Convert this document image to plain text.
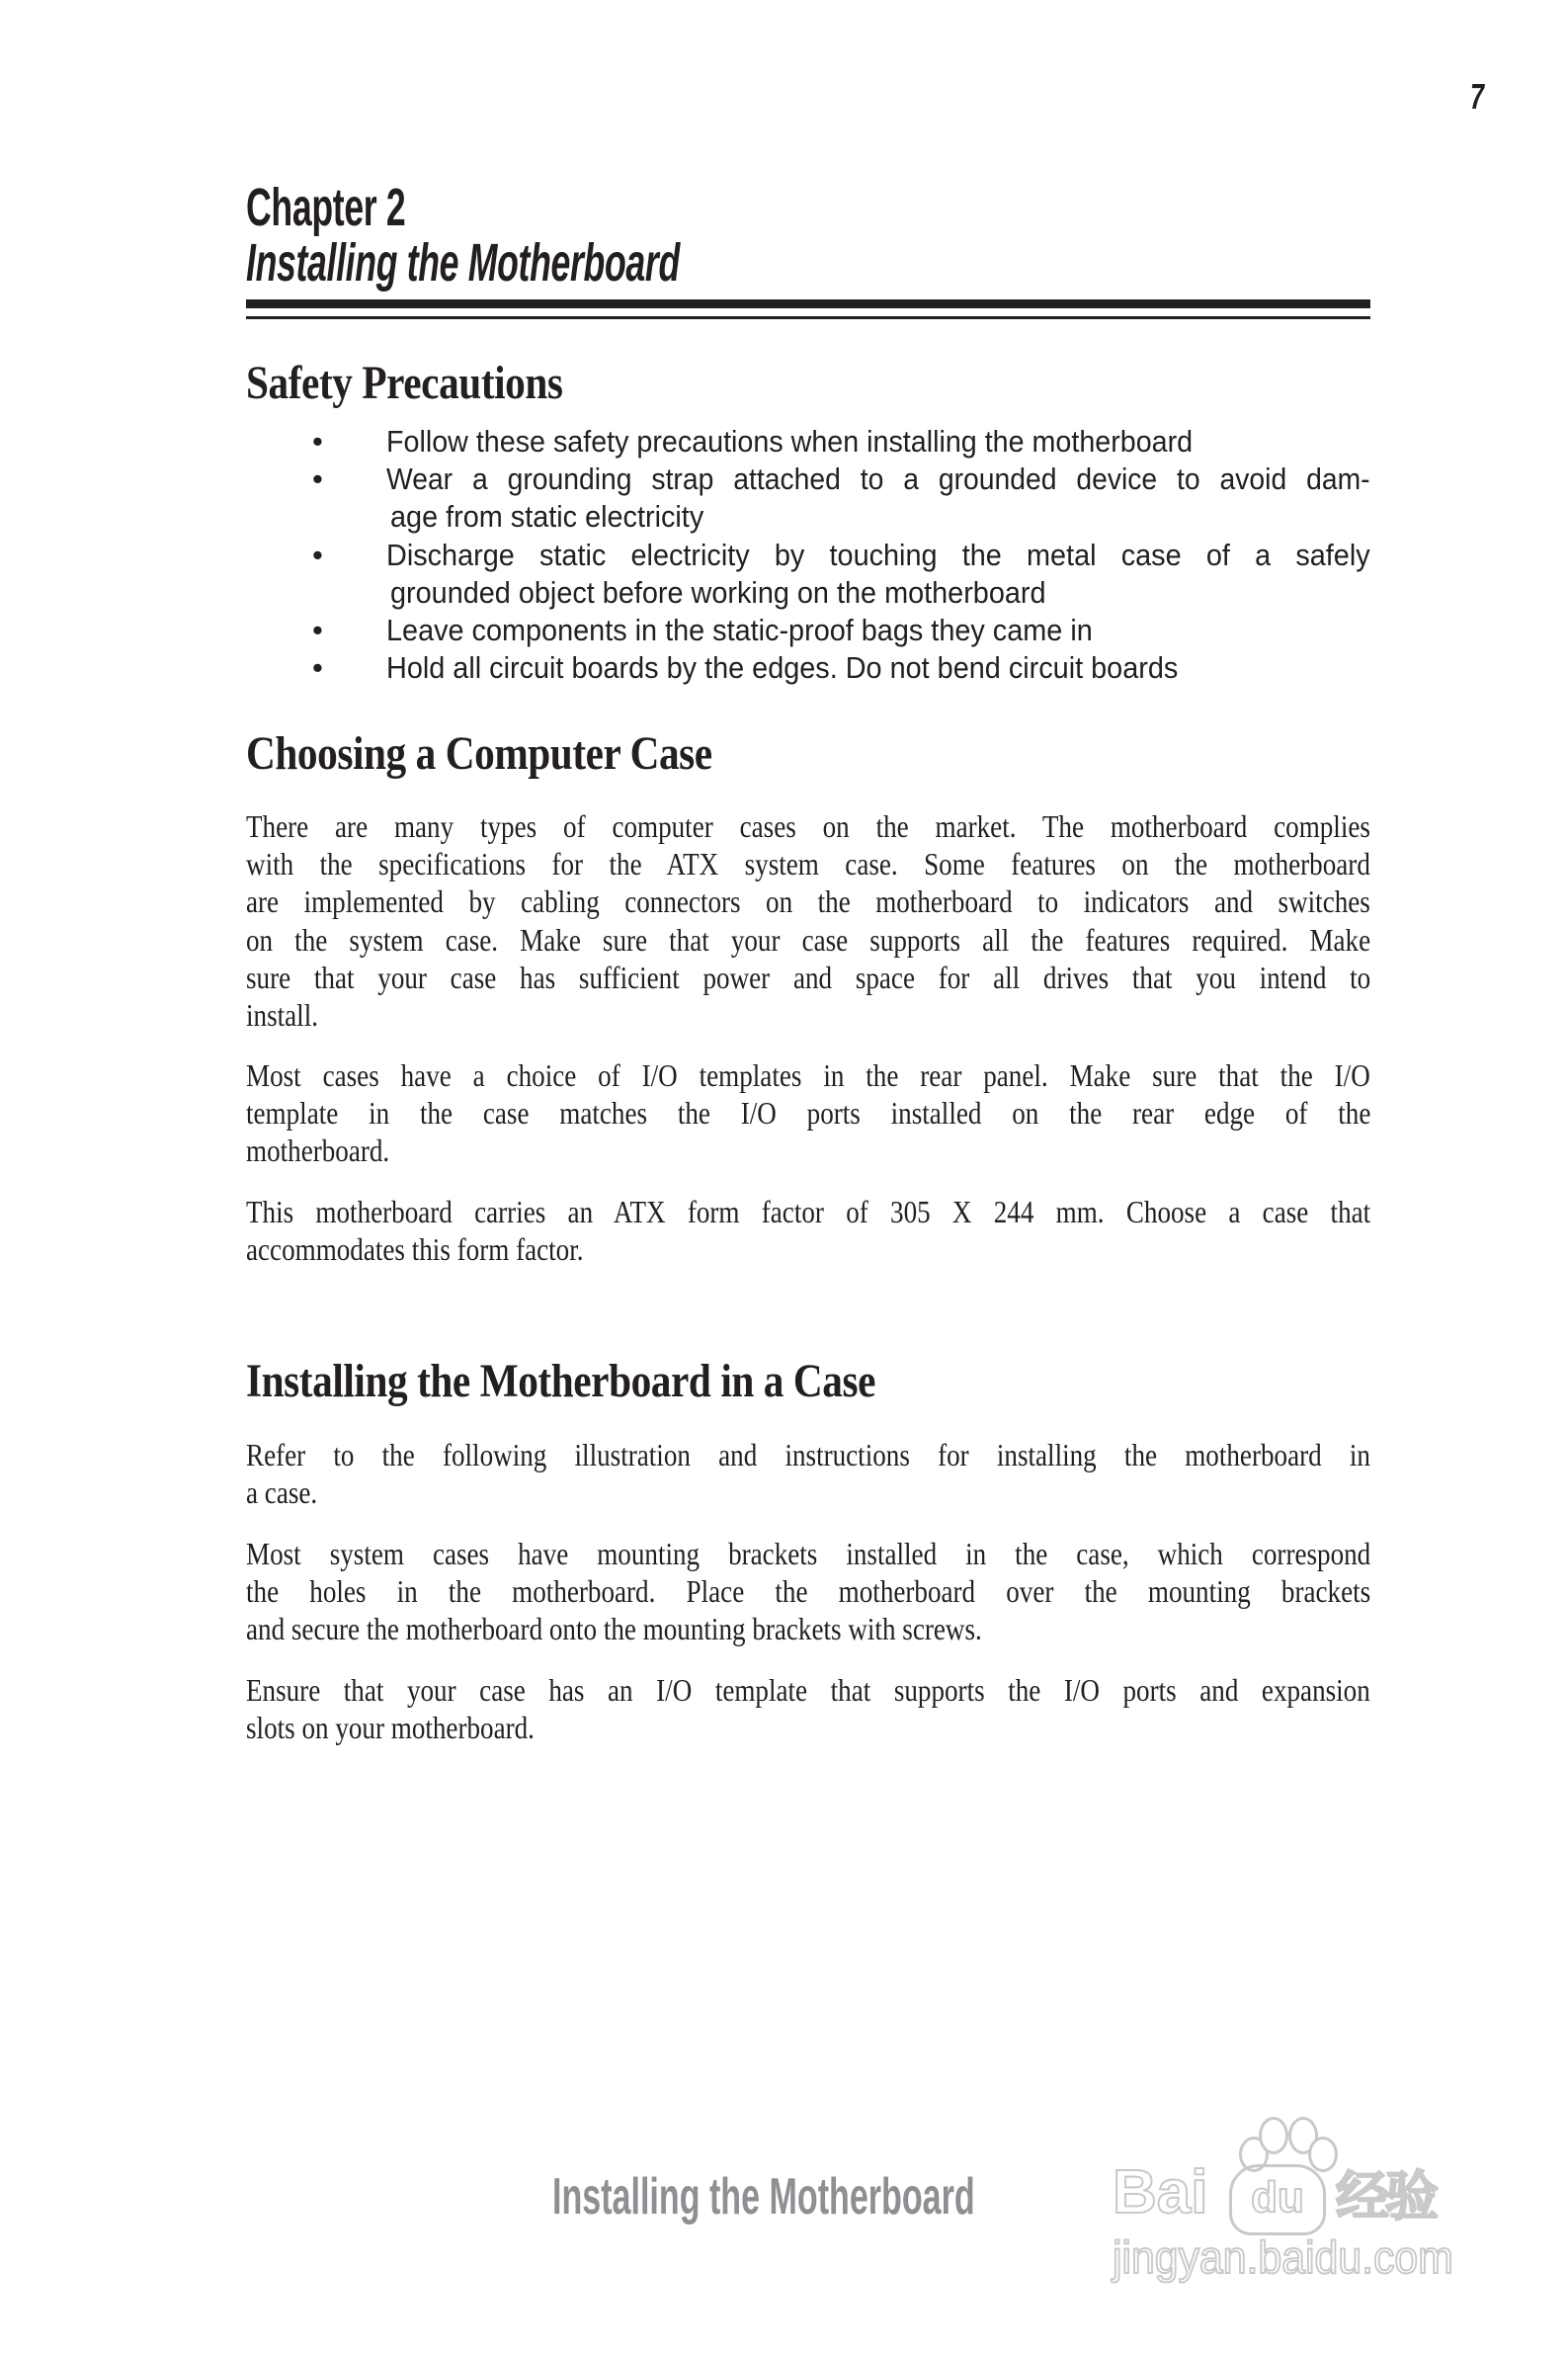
7
Chapter 2
Installing the Motherboard
Safety Precautions
• Follow these safety precautions when installing the motherboard
• Wear a grounding strap attached to a grounded device to avoid dam-
age from static electricity
• Discharge static electricity by touching the metal case of a safely
grounded object before working on the motherboard
• Leave components in the static-proof bags they came in
• Hold all circuit boards by the edges. Do not bend circuit boards
Choosing a Computer Case
There are many types of computer cases on the market. The motherboard complies
with the specifications for the ATX system case. Some features on the motherboard
are implemented by cabling connectors on the motherboard to indicators and switches
on the system case. Make sure that your case supports all the features required. Make
sure that your case has sufficient power and space for all drives that you intend to
install.
Most cases have a choice of I/O templates in the rear panel. Make sure that the I/O
template in the case matches the I/O ports installed on the rear edge of the
motherboard.
This motherboard carries an ATX form factor of 305 X 244 mm. Choose a case that
accommodates this form factor.
Installing the Motherboard in a Case
Refer to the following illustration and instructions for installing the motherboard in
a case.
Most system cases have mounting brackets installed in the case, which correspond
the holes in the motherboard. Place the motherboard over the mounting brackets
and secure the motherboard onto the mounting brackets with screws.
Ensure that your case has an I/O template that supports the I/O ports and expansion
slots on your motherboard.
Installing the Motherboard Bai du 经验
jingyan.baidu.com
